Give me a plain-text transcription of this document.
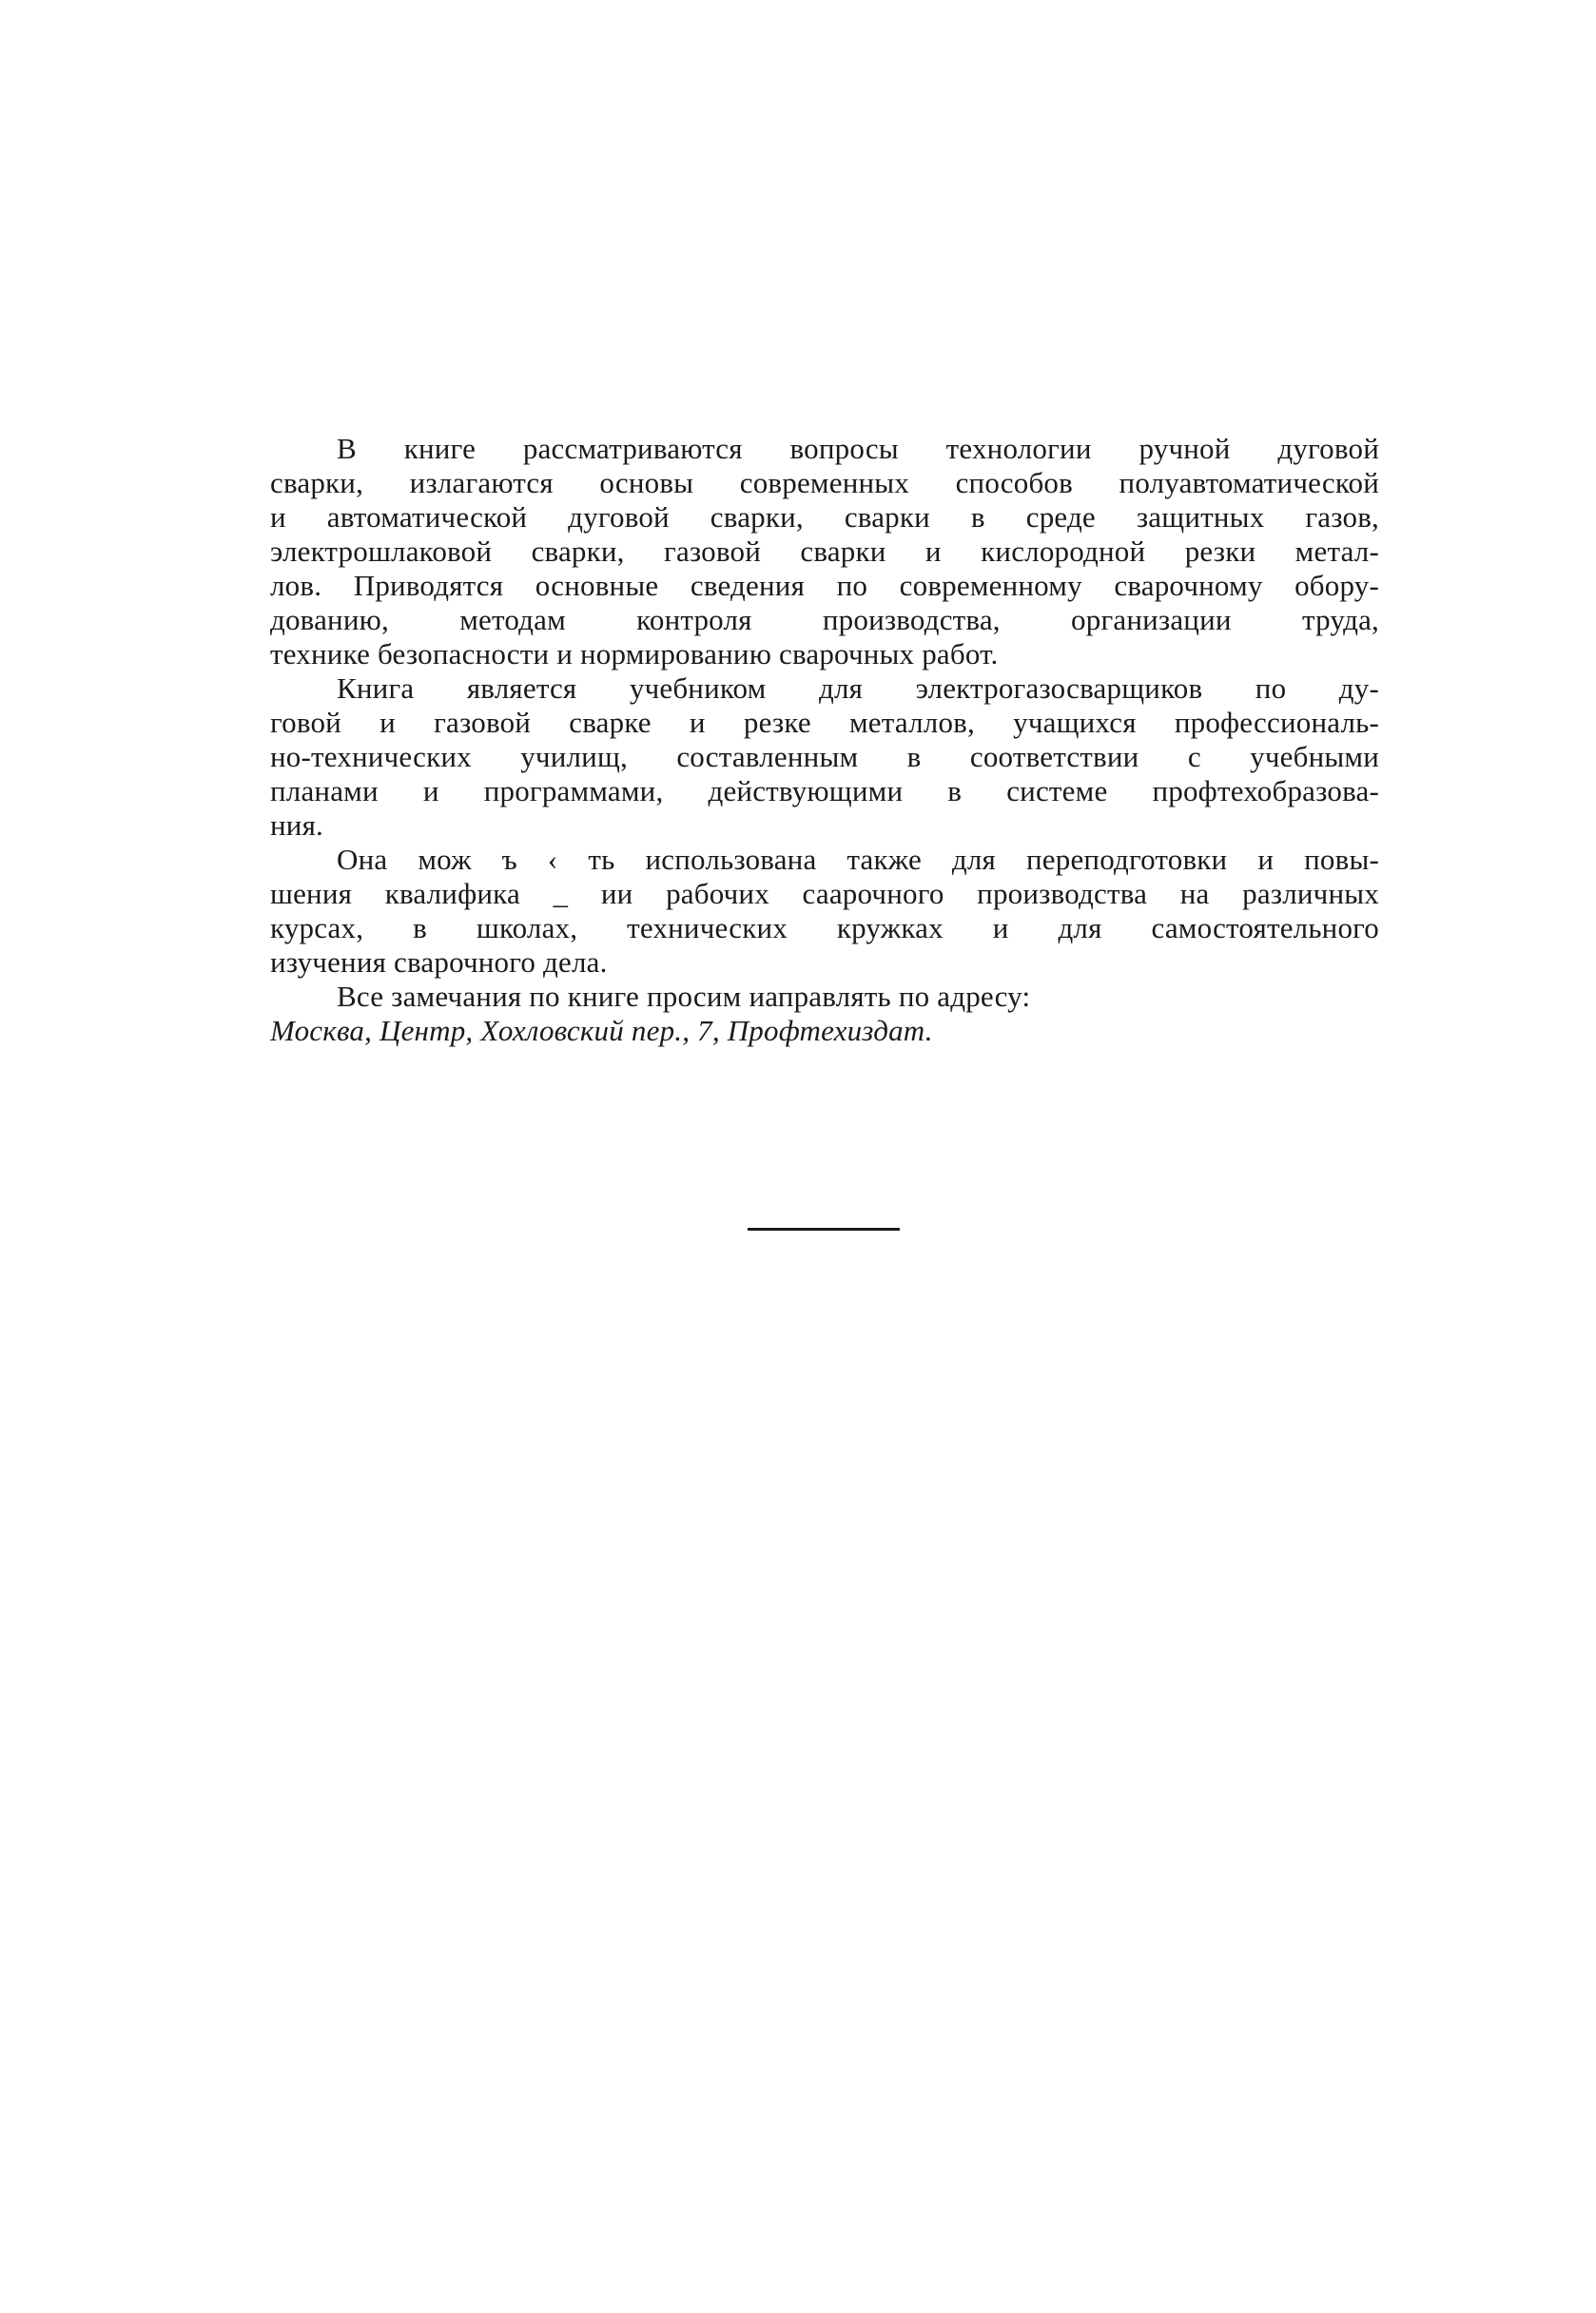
В книге рассматриваются вопросы технологии ручной дуговой
сварки, излагаются основы современных способов полуавтоматической
и автоматической дуговой сварки, сварки в среде защитных газов,
электрошлаковой сварки, газовой сварки и кислородной резки метал-
лов. Приводятся основные сведения по современному сварочному обору-
дованию, методам контроля производства, организации труда,
технике безопасности и нормированию сварочных работ.
Книга является учебником для электрогазосварщиков по ду-
говой и газовой сварке и резке металлов, учащихся профессиональ-
но-технических училищ, составленным в соответствии с учебными
планами и программами, действующими в системе профтехобразова-
ния.
Она мож ъ ‹ ть использована также для переподготовки и повы-
шения квалифика _ ии рабочих саарочного производства на различных
курсах, в школах, технических кружках и для самостоятельного
изучения сварочного дела.
Все замечания по книге просим иаправлять по адресу:
Москва, Центр, Хохловский пер., 7, Профтехиздат.
